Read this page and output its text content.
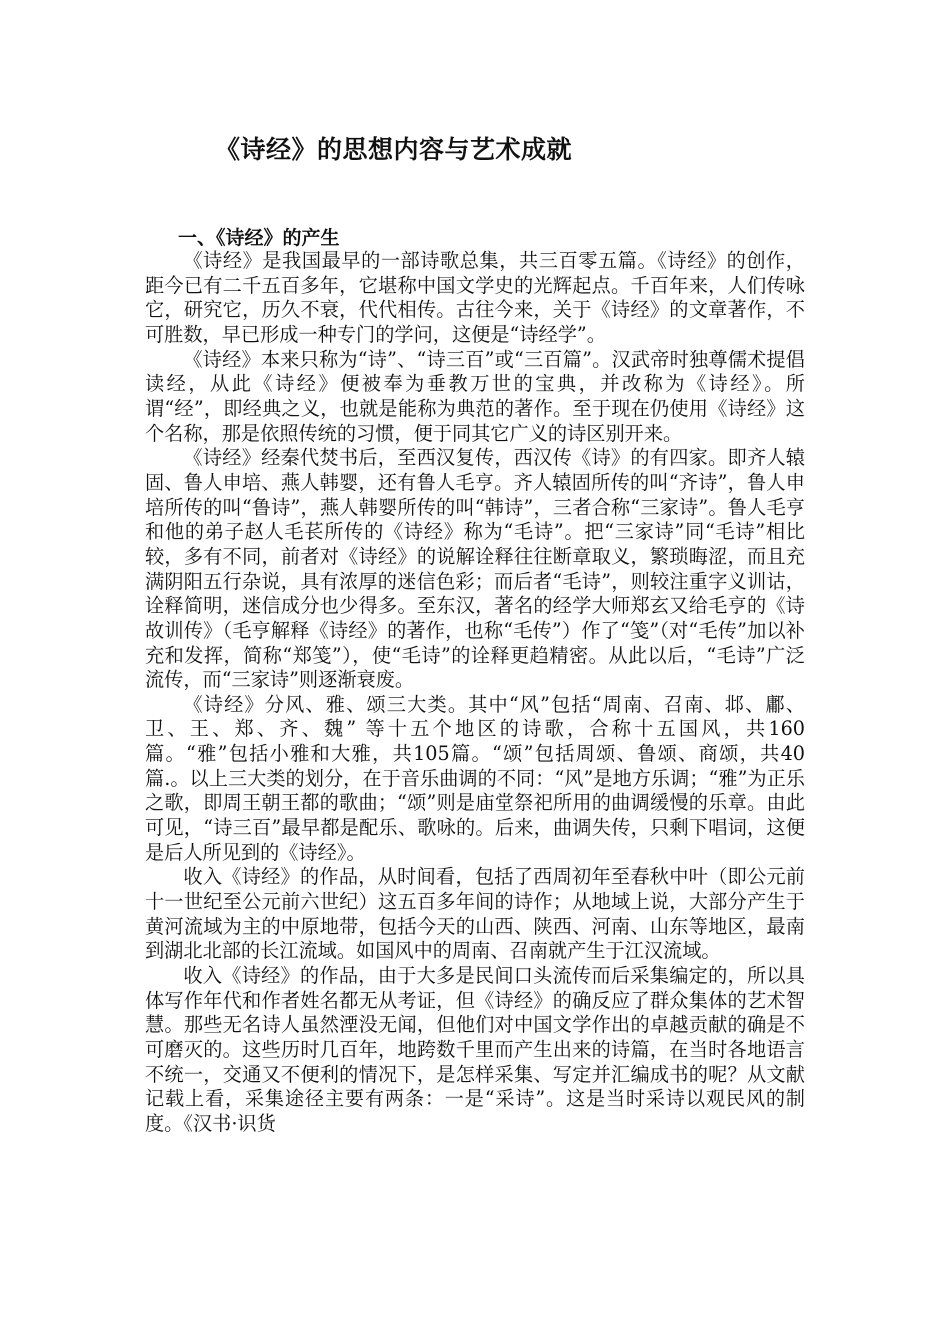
《诗经》的思想内容与艺术成就
一、《诗经》的产生

《诗经》是我国最早的一部诗歌总集，共三百零五篇。《诗经》的创作，距今已有二千五百多年，它堪称中国文学史的光辉起点。千百年来，人们传咏它，研究它，历久不衰，代代相传。古往今来，关于《诗经》的文章著作，不可胜数，早已形成一种专门的学问，这便是“诗经学”。

《诗经》本来只称为“诗”、“诗三百”或“三百篇”。汉武帝时独尊儒术提倡读经，从此《诗经》便被奉为垂教万世的宝典，并改称为《诗经》。所谓“经”，即经典之义，也就是能称为典范的著作。至于现在仍使用《诗经》这个名称，那是依照传统的习惯，便于同其它广义的诗区别开来。

《诗经》经秦代焚书后，至西汉复传，西汉传《诗》的有四家。即齐人辕固、鲁人申培、燕人韩婴，还有鲁人毛亨。齐人辕固所传的叫“齐诗”，鲁人申培所传的叫“鲁诗”，燕人韩婴所传的叫“韩诗”，三者合称“三家诗”。鲁人毛亨和他的弟子赵人毛苌所传的《诗经》称为“毛诗”。把“三家诗”同“毛诗”相比较，多有不同，前者对《诗经》的说解诠释往往断章取义，繁琐晦涩，而且充满阴阳五行杂说，具有浓厚的迷信色彩；而后者“毛诗”，则较注重字义训诂，诠释简明，迷信成分也少得多。至东汉，著名的经学大师郑玄又给毛亨的《诗故训传》（毛亨解释《诗经》的著作，也称“毛传”）作了“笺”（对“毛传”加以补充和发挥，简称“郑笺”），使“毛诗”的诠释更趋精密。从此以后，“毛诗”广泛流传，而“三家诗”则逐渐衰废。

《诗经》分风、雅、颂三大类。其中“风”包括“周南、召南、邶、鄘、卫、王、郑、齐、魏” 等十五个地区的诗歌，合称十五国风，共160篇。“雅”包括小雅和大雅，共105篇。“颂”包括周颂、鲁颂、商颂，共40篇.。以上三大类的划分，在于音乐曲调的不同：“风”是地方乐调；“雅”为正乐之歌，即周王朝王都的歌曲；“颂”则是庙堂祭祀所用的曲调缓慢的乐章。由此可见，“诗三百”最早都是配乐、歌咏的。后来，曲调失传，只剩下唱词，这便是后人所见到的《诗经》。

收入《诗经》的作品，从时间看，包括了西周初年至春秋中叶（即公元前十一世纪至公元前六世纪）这五百多年间的诗作；从地域上说，大部分产生于黄河流域为主的中原地带，包括今天的山西、陕西、河南、山东等地区，最南到湖北北部的长江流域。如国风中的周南、召南就产生于江汉流域。

收入《诗经》的作品，由于大多是民间口头流传而后采集编定的，所以具体写作年代和作者姓名都无从考证，但《诗经》的确反应了群众集体的艺术智慧。那些无名诗人虽然湮没无闻，但他们对中国文学作出的卓越贡献的确是不可磨灭的。这些历时几百年，地跨数千里而产生出来的诗篇，在当时各地语言不统一，交通又不便利的情况下，是怎样采集、写定并汇编成书的呢？从文献记载上看，采集途径主要有两条：一是“采诗”。这是当时采诗以观民风的制度。《汉书·识货
